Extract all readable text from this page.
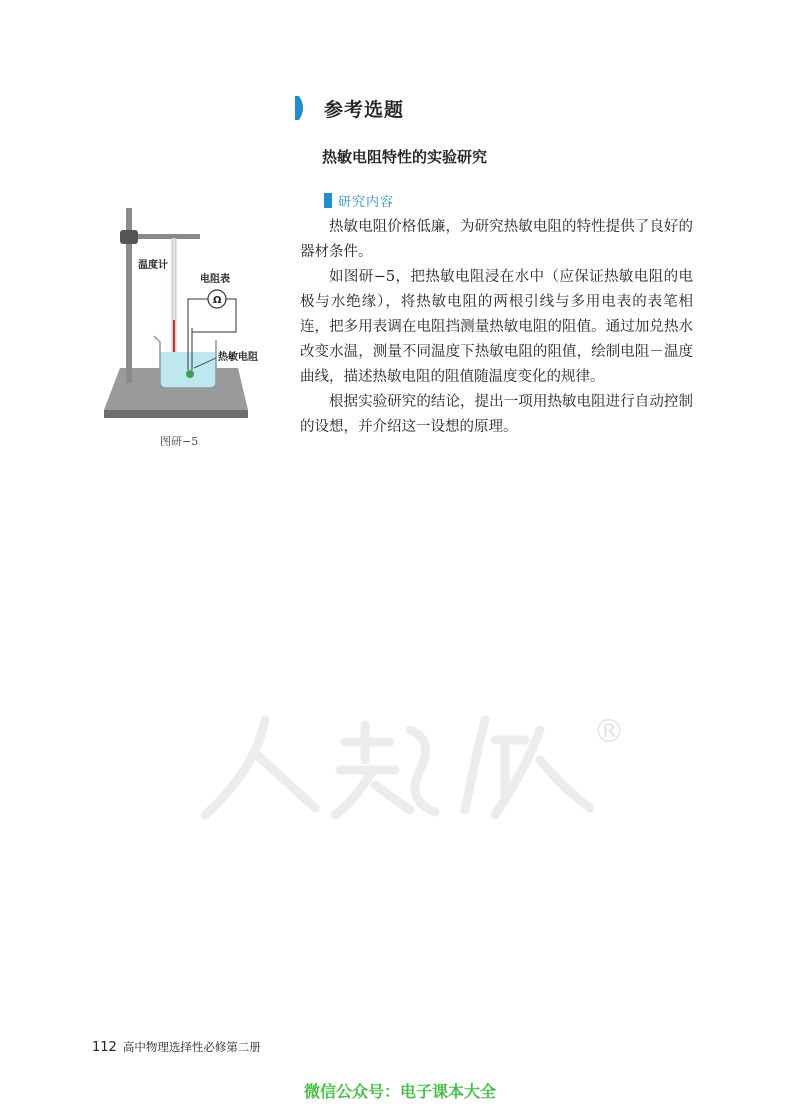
参考选题
热敏电阻特性的实验研究
研究内容

热敏电阻价格低廉，为研究热敏电阻的特性提供了良好的器材条件。

如图研−5，把热敏电阻浸在水中（应保证热敏电阻的电极与水绝缘），将热敏电阻的两根引线与多用电表的表笔相连，把多用表调在电阻挡测量热敏电阻的阻值。通过加兑热水改变水温，测量不同温度下热敏电阻的阻值，绘制电阻－温度曲线，描述热敏电阻的阻值随温度变化的规律。

根据实验研究的结论，提出一项用热敏电阻进行自动控制的设想，并介绍这一设想的原理。

Ω
温度计
电阻表
热敏电阻
图研−5
®
112 高中物理选择性必修第二册
微信公众号：电子课本大全
